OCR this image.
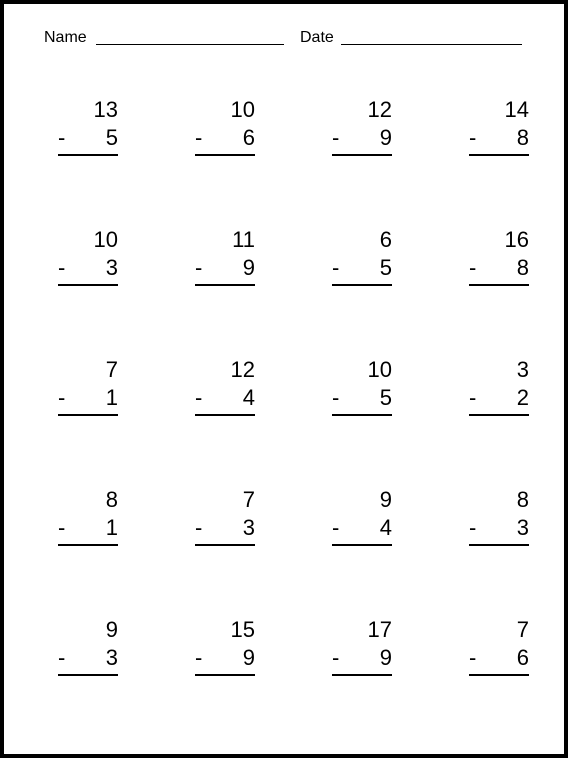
Name	Date
13
- 5
10
- 6
12
- 9
14
- 8
10
- 3
11
- 9
6
- 5
16
- 8
7
- 1
12
- 4
10
- 5
3
- 2
8
- 1
7
- 3
9
- 4
8
- 3
9
- 3
15
- 9
17
- 9
7
- 6
